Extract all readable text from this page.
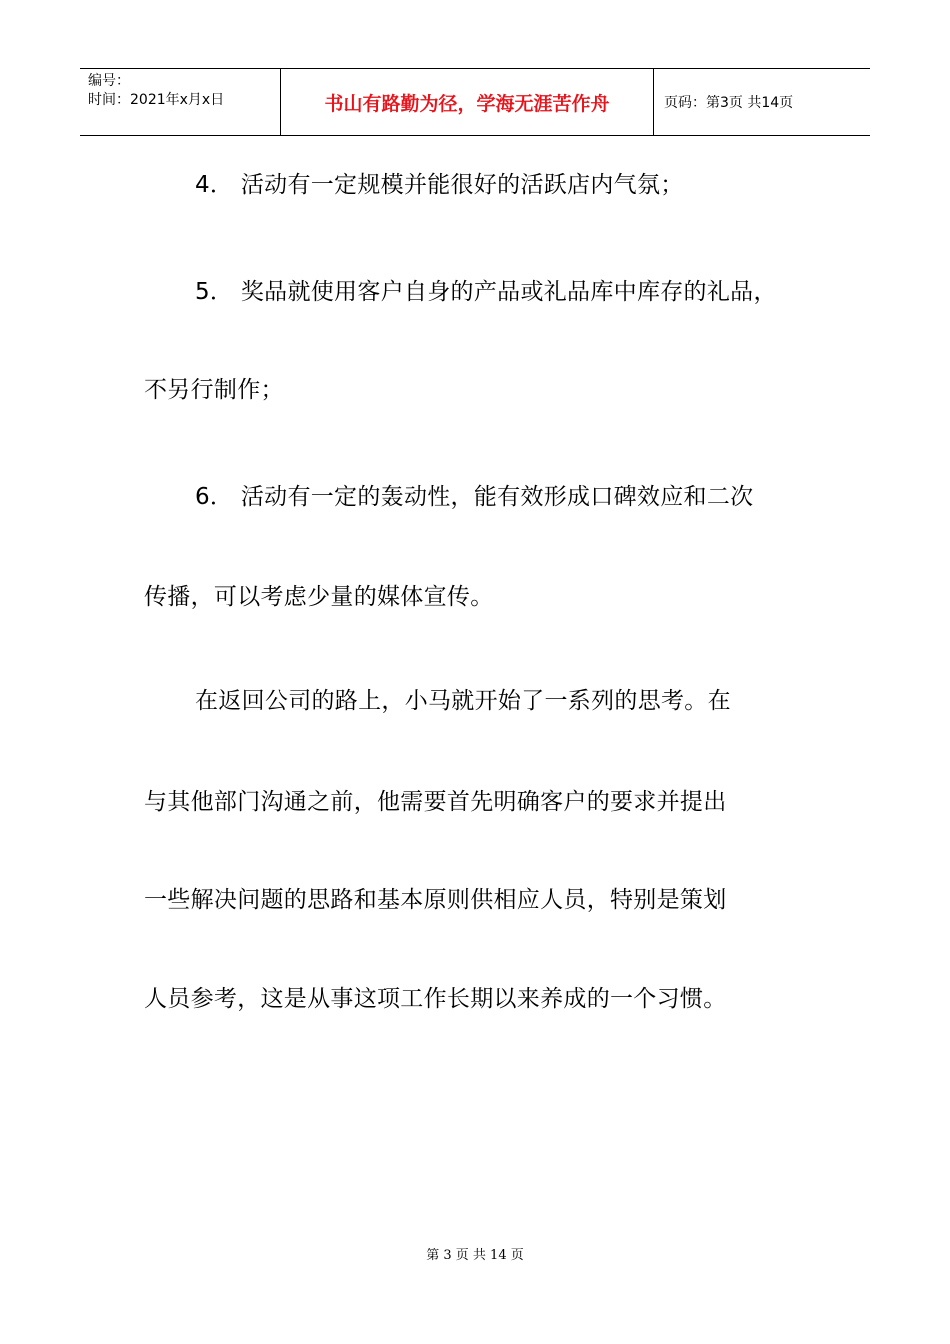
编号：
时间：2021年x月x日	书山有路勤为径，学海无涯苦作舟	页码：第3页 共14页
4． 活动有一定规模并能很好的活跃店内气氛；
5． 奖品就使用客户自身的产品或礼品库中库存的礼品，
不另行制作；
6． 活动有一定的轰动性，能有效形成口碑效应和二次
传播，可以考虑少量的媒体宣传。
在返回公司的路上，小马就开始了一系列的思考。在
与其他部门沟通之前，他需要首先明确客户的要求并提出
一些解决问题的思路和基本原则供相应人员，特别是策划
人员参考，这是从事这项工作长期以来养成的一个习惯。
第 3 页 共 14 页
